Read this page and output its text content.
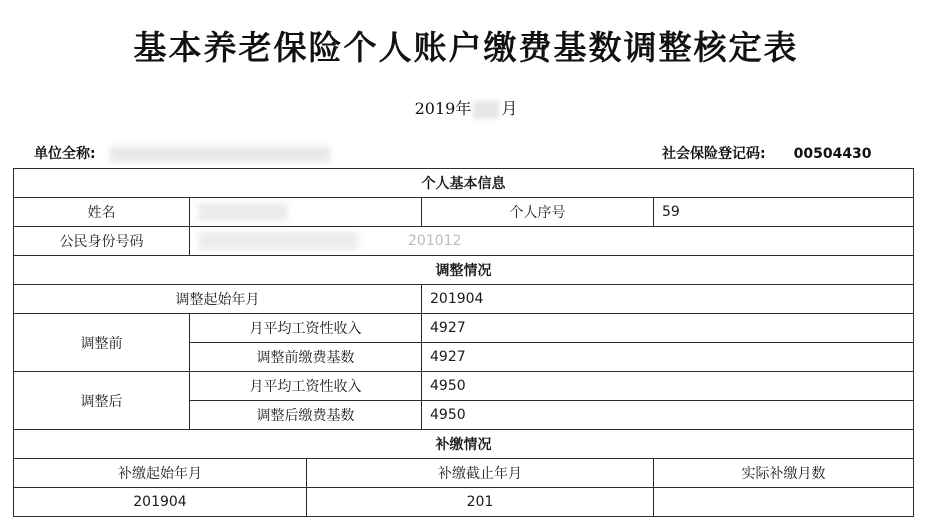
基本养老保险个人账户缴费基数调整核定表
2019年 月
单位全称:	社会保险登记码: 00504430
个人基本信息				
姓名			个人序号	59
公民身份号码	201012			
调整情况				
调整起始年月			201904	
调整前	月平均工资性收入		4927	
	调整前缴费基数		4927	
调整后	月平均工资性收入		4950	
	调整后缴费基数		4950	
补缴情况				
补缴起始年月		补缴截止年月		实际补缴月数
201904		201		
